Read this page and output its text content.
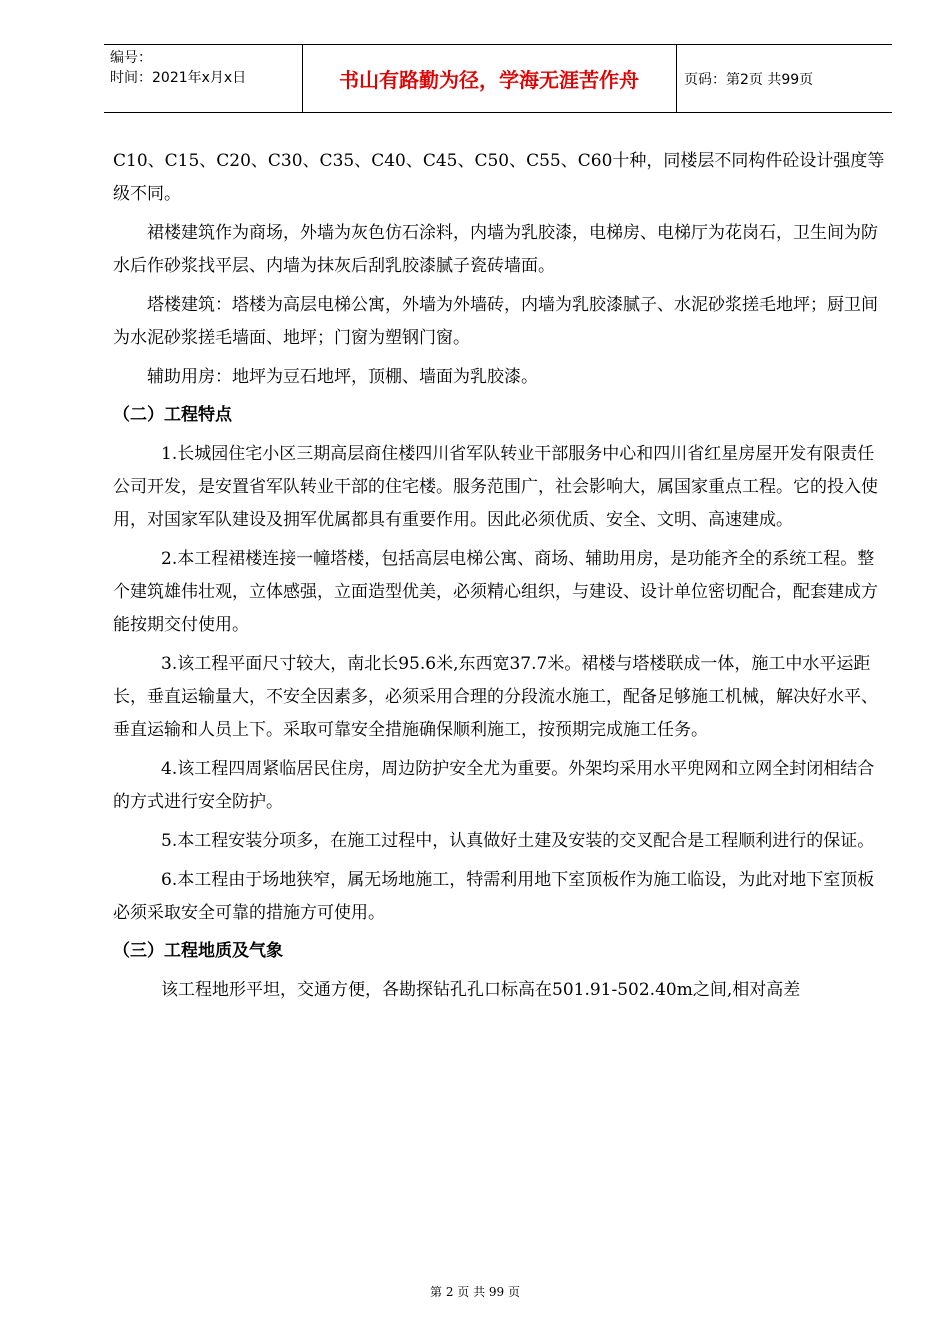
编号：
时间：2021年x月x日	书山有路勤为径，学海无涯苦作舟	页码：第2页 共99页

C10、C15、C20、C30、C35、C40、C45、C50、C55、C60十种，同楼层不同构件砼设计强度等级不同。

裙楼建筑作为商场，外墙为灰色仿石涂料，内墙为乳胶漆，电梯房、电梯厅为花岗石，卫生间为防水后作砂浆找平层、内墙为抹灰后刮乳胶漆腻子瓷砖墙面。

塔楼建筑：塔楼为高层电梯公寓，外墙为外墙砖，内墙为乳胶漆腻子、水泥砂浆搓毛地坪；厨卫间为水泥砂浆搓毛墙面、地坪；门窗为塑钢门窗。

辅助用房：地坪为豆石地坪，顶棚、墙面为乳胶漆。

（二）工程特点

1.长城园住宅小区三期高层商住楼四川省军队转业干部服务中心和四川省红星房屋开发有限责任公司开发，是安置省军队转业干部的住宅楼。服务范围广，社会影响大，属国家重点工程。它的投入使用，对国家军队建设及拥军优属都具有重要作用。因此必须优质、安全、文明、高速建成。

2.本工程裙楼连接一幢塔楼，包括高层电梯公寓、商场、辅助用房，是功能齐全的系统工程。整个建筑雄伟壮观，立体感强，立面造型优美，必须精心组织，与建设、设计单位密切配合，配套建成方能按期交付使用。

3.该工程平面尺寸较大，南北长95.6米,东西宽37.7米。裙楼与塔楼联成一体，施工中水平运距长，垂直运输量大，不安全因素多，必须采用合理的分段流水施工，配备足够施工机械，解决好水平、垂直运输和人员上下。采取可靠安全措施确保顺利施工，按预期完成施工任务。

4.该工程四周紧临居民住房，周边防护安全尤为重要。外架均采用水平兜网和立网全封闭相结合的方式进行安全防护。

5.本工程安装分项多，在施工过程中，认真做好土建及安装的交叉配合是工程顺利进行的保证。

6.本工程由于场地狭窄，属无场地施工，特需利用地下室顶板作为施工临设，为此对地下室顶板必须采取安全可靠的措施方可使用。

（三）工程地质及气象

该工程地形平坦，交通方便，各勘探钻孔孔口标高在501.91-502.40m之间,相对高差

第 2 页 共 99 页
